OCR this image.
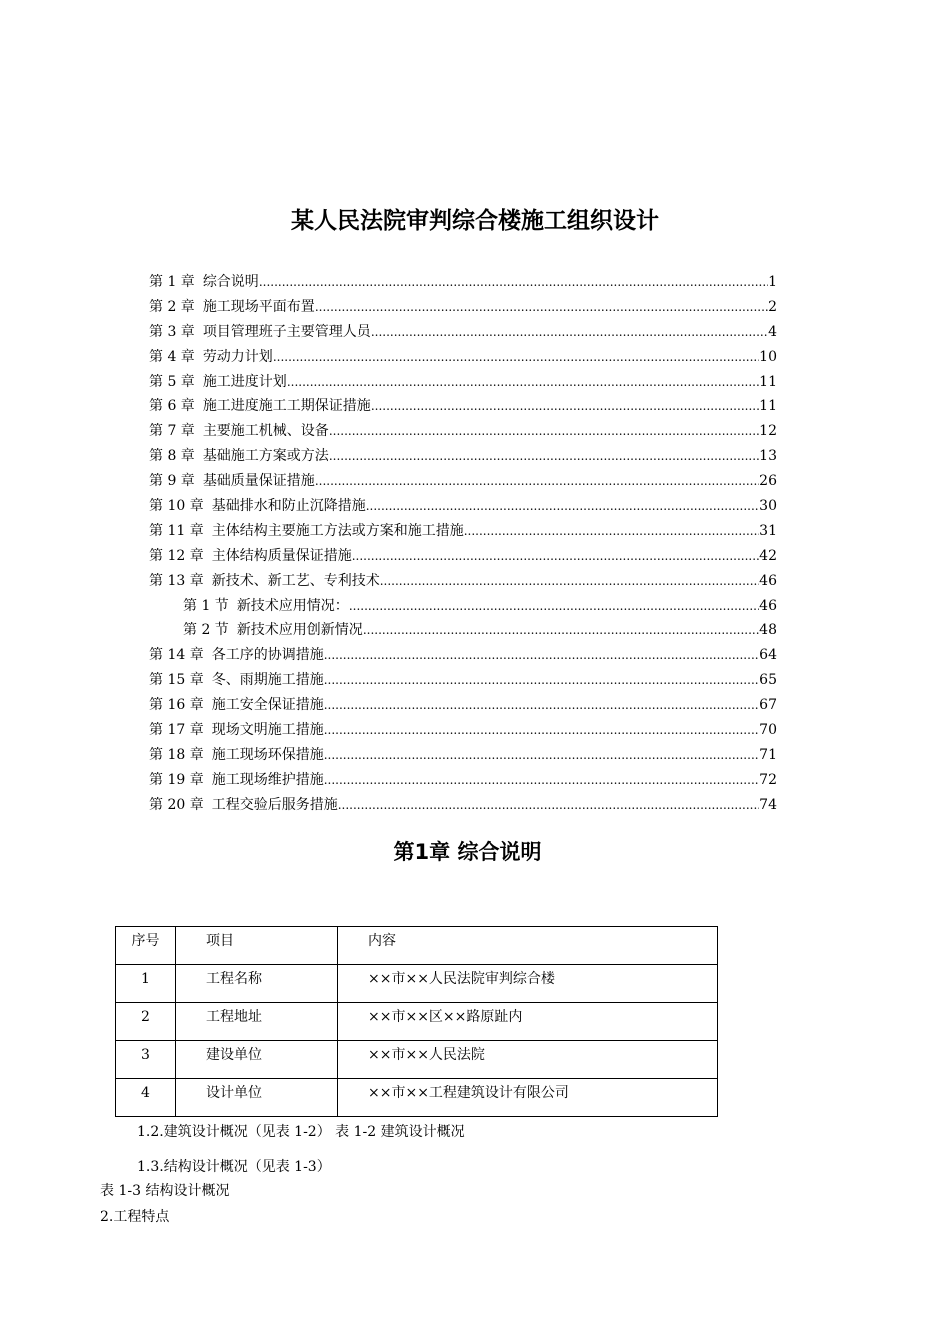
某人民法院审判综合楼施工组织设计
第 1 章 综合说明 .....	1
第 2 章 施工现场平面布置 .....	2
第 3 章 项目管理班子主要管理人员 .....	4
第 4 章 劳动力计划 .....	10
第 5 章 施工进度计划 .....	11
第 6 章 施工进度施工工期保证措施 .....	11
第 7 章 主要施工机械、设备 .....	12
第 8 章 基础施工方案或方法 .....	13
第 9 章 基础质量保证措施 .....	26
第 10 章 基础排水和防止沉降措施 .....	30
第 11 章 主体结构主要施工方法或方案和施工措施 .....	31
第 12 章 主体结构质量保证措施 .....	42
第 13 章 新技术、新工艺、专利技术 .....	46
第 1 节 新技术应用情况： .....	46
第 2 节 新技术应用创新情况 .....	48
第 14 章 各工序的协调措施 .....	64
第 15 章 冬、雨期施工措施 .....	65
第 16 章 施工安全保证措施 .....	67
第 17 章 现场文明施工措施 .....	70
第 18 章 施工现场环保措施 .....	71
第 19 章 施工现场维护措施 .....	72
第 20 章 工程交验后服务措施 .....	74
第1章 综合说明
序号	项目	内容
1	工程名称	××市××人民法院审判综合楼
2	工程地址	××市××区××路原趾内
3	建设单位	××市××人民法院
4	设计单位	××市××工程建筑设计有限公司
1.2.建筑设计概况（见表 1-2） 表 1-2 建筑设计概况
1.3.结构设计概况（见表 1-3）
表 1-3 结构设计概况
2.工程特点
